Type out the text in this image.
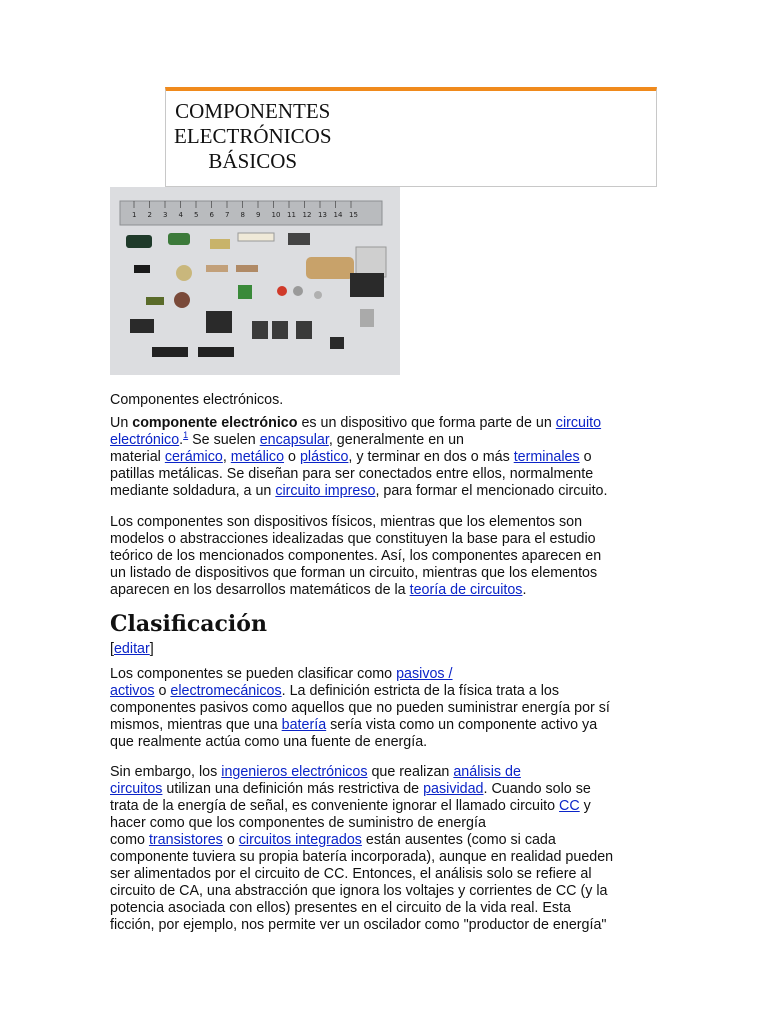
COMPONENTES
ELECTRÓNICOS
BÁSICOS
1 2 3 4 5 6 7 8 9 10 11 12 13 14 15

Componentes electrónicos.

Un componente electrónico es un dispositivo que forma parte de un circuito
electrónico.$^1$ Se suelen encapsular, generalmente en un
material cerámico, metálico o plástico, y terminar en dos o más terminales o
patillas metálicas. Se diseñan para ser conectados entre ellos, normalmente
mediante soldadura, a un circuito impreso, para formar el mencionado circuito.

Los componentes son dispositivos físicos, mientras que los elementos son
modelos o abstracciones idealizadas que constituyen la base para el estudio
teórico de los mencionados componentes. Así, los componentes aparecen en
un listado de dispositivos que forman un circuito, mientras que los elementos
aparecen en los desarrollos matemáticos de la teoría de circuitos.

Clasificación

[editar]

Los componentes se pueden clasificar como pasivos /
activos o electromecánicos. La definición estricta de la física trata a los
componentes pasivos como aquellos que no pueden suministrar energía por sí
mismos, mientras que una batería sería vista como un componente activo ya
que realmente actúa como una fuente de energía.

Sin embargo, los ingenieros electrónicos que realizan análisis de
circuitos utilizan una definición más restrictiva de pasividad. Cuando solo se
trata de la energía de señal, es conveniente ignorar el llamado circuito CC y
hacer como que los componentes de suministro de energía
como transistores o circuitos integrados están ausentes (como si cada
componente tuviera su propia batería incorporada), aunque en realidad pueden
ser alimentados por el circuito de CC. Entonces, el análisis solo se refiere al
circuito de CA, una abstracción que ignora los voltajes y corrientes de CC (y la
potencia asociada con ellos) presentes en el circuito de la vida real. Esta
ficción, por ejemplo, nos permite ver un oscilador como "productor de energía"
